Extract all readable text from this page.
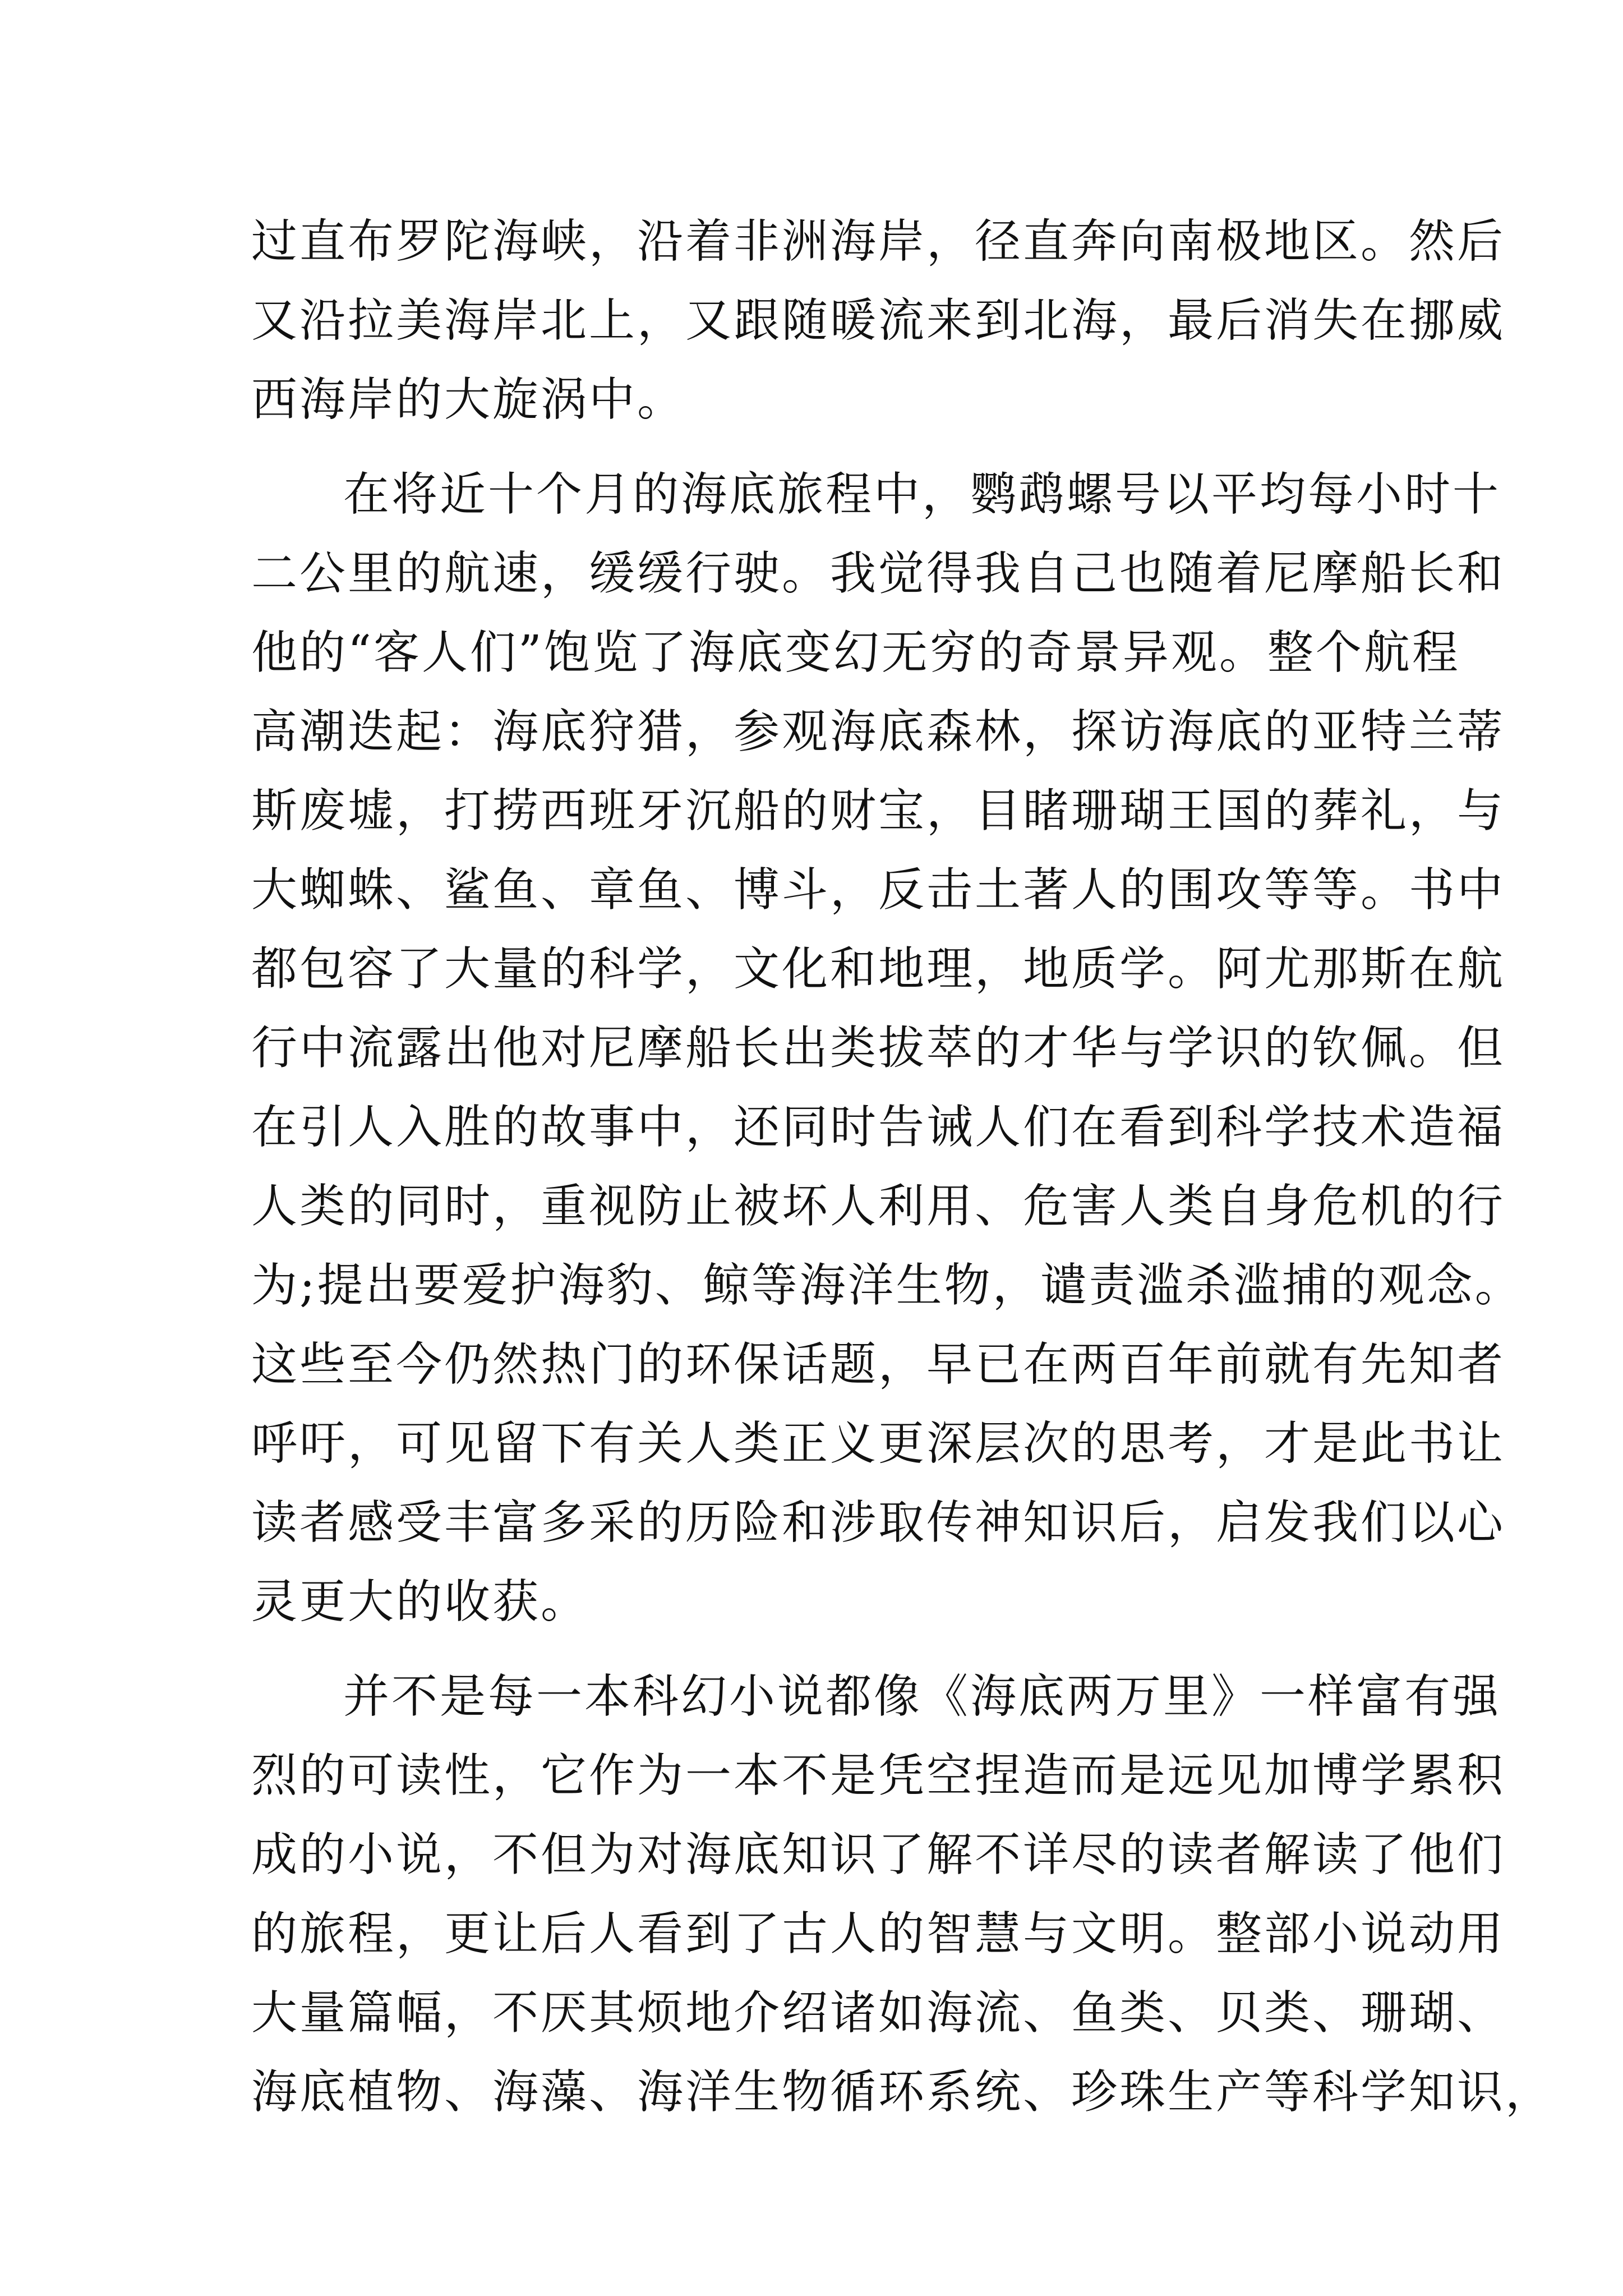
过直布罗陀海峡，沿着非洲海岸，径直奔向南极地区。然后
又沿拉美海岸北上，又跟随暖流来到北海，最后消失在挪威
西海岸的大旋涡中。
在将近十个月的海底旅程中，鹦鹉螺号以平均每小时十
二公里的航速，缓缓行驶。我觉得我自己也随着尼摩船长和
他的“客人们”饱览了海底变幻无穷的奇景异观。整个航程
高潮迭起：海底狩猎，参观海底森林，探访海底的亚特兰蒂
斯废墟，打捞西班牙沉船的财宝，目睹珊瑚王国的葬礼，与
大蜘蛛、鲨鱼、章鱼、博斗，反击土著人的围攻等等。书中
都包容了大量的科学，文化和地理，地质学。阿尤那斯在航
行中流露出他对尼摩船长出类拔萃的才华与学识的钦佩。但
在引人入胜的故事中，还同时告诫人们在看到科学技术造福
人类的同时，重视防止被坏人利用、危害人类自身危机的行
为;提出要爱护海豹、鲸等海洋生物，谴责滥杀滥捕的观念。
这些至今仍然热门的环保话题，早已在两百年前就有先知者
呼吁，可见留下有关人类正义更深层次的思考，才是此书让
读者感受丰富多采的历险和涉取传神知识后，启发我们以心
灵更大的收获。
并不是每一本科幻小说都像《海底两万里》一样富有强
烈的可读性，它作为一本不是凭空捏造而是远见加博学累积
成的小说，不但为对海底知识了解不详尽的读者解读了他们
的旅程，更让后人看到了古人的智慧与文明。整部小说动用
大量篇幅，不厌其烦地介绍诸如海流、鱼类、贝类、珊瑚、
海底植物、海藻、海洋生物循环系统、珍珠生产等科学知识，
